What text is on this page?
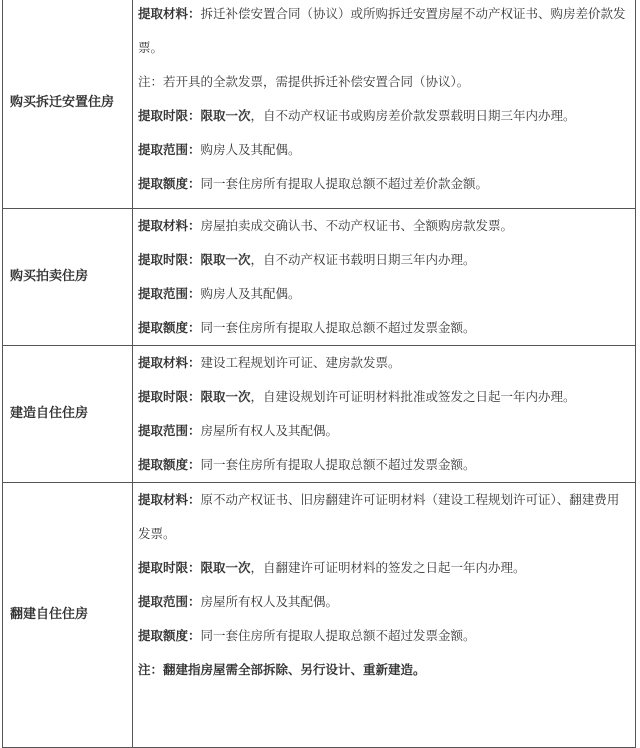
购买拆迁安置住房	提取材料：拆迁补偿安置合同（协议）或所购拆迁安置房屋不动产权证书、购房差价款发票。
注：若开具的全款发票，需提供拆迁补偿安置合同（协议）。
提取时限：限取一次，自不动产权证书或购房差价款发票载明日期三年内办理。
提取范围：购房人及其配偶。
提取额度：同一套住房所有提取人提取总额不超过差价款金额。

购买拍卖住房	提取材料：房屋拍卖成交确认书、不动产权证书、全额购房款发票。
提取时限：限取一次，自不动产权证书载明日期三年内办理。
提取范围：购房人及其配偶。
提取额度：同一套住房所有提取人提取总额不超过发票金额。

建造自住住房	提取材料：建设工程规划许可证、建房款发票。
提取时限：限取一次，自建设规划许可证明材料批准或签发之日起一年内办理。
提取范围：房屋所有权人及其配偶。
提取额度：同一套住房所有提取人提取总额不超过发票金额。

翻建自住住房	提取材料：原不动产权证书、旧房翻建许可证明材料（建设工程规划许可证）、翻建费用发票。
提取时限：限取一次，自翻建许可证明材料的签发之日起一年内办理。
提取范围：房屋所有权人及其配偶。
提取额度：同一套住房所有提取人提取总额不超过发票金额。
注：翻建指房屋需全部拆除、另行设计、重新建造。
